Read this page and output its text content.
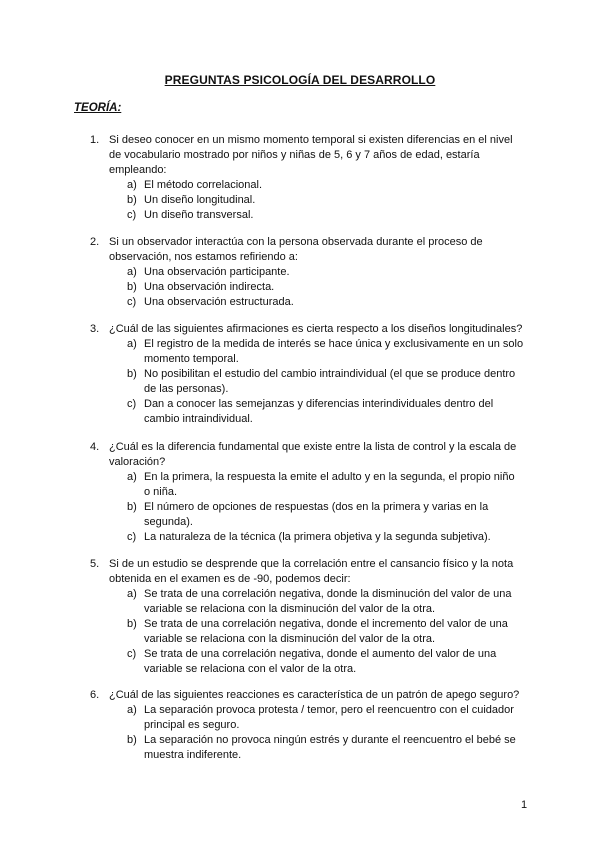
PREGUNTAS PSICOLOGÍA DEL DESARROLLO
TEORÍA:
1. Si deseo conocer en un mismo momento temporal si existen diferencias en el nivel
de vocabulario mostrado por niños y niñas de 5, 6 y 7 años de edad, estaría
empleando:
a) El método correlacional.
b) Un diseño longitudinal.
c) Un diseño transversal.
2. Si un observador interactúa con la persona observada durante el proceso de
observación, nos estamos refiriendo a:
a) Una observación participante.
b) Una observación indirecta.
c) Una observación estructurada.
3. ¿Cuál de las siguientes afirmaciones es cierta respecto a los diseños longitudinales?
a) El registro de la medida de interés se hace única y exclusivamente en un solo
momento temporal.
b) No posibilitan el estudio del cambio intraindividual (el que se produce dentro
de las personas).
c) Dan a conocer las semejanzas y diferencias interindividuales dentro del
cambio intraindividual.
4. ¿Cuál es la diferencia fundamental que existe entre la lista de control y la escala de
valoración?
a) En la primera, la respuesta la emite el adulto y en la segunda, el propio niño
o niña.
b) El número de opciones de respuestas (dos en la primera y varias en la
segunda).
c) La naturaleza de la técnica (la primera objetiva y la segunda subjetiva).
5. Si de un estudio se desprende que la correlación entre el cansancio físico y la nota
obtenida en el examen es de -90, podemos decir:
a) Se trata de una correlación negativa, donde la disminución del valor de una
variable se relaciona con la disminución del valor de la otra.
b) Se trata de una correlación negativa, donde el incremento del valor de una
variable se relaciona con la disminución del valor de la otra.
c) Se trata de una correlación negativa, donde el aumento del valor de una
variable se relaciona con el valor de la otra.
6. ¿Cuál de las siguientes reacciones es característica de un patrón de apego seguro?
a) La separación provoca protesta / temor, pero el reencuentro con el cuidador
principal es seguro.
b) La separación no provoca ningún estrés y durante el reencuentro el bebé se
muestra indiferente.
1
